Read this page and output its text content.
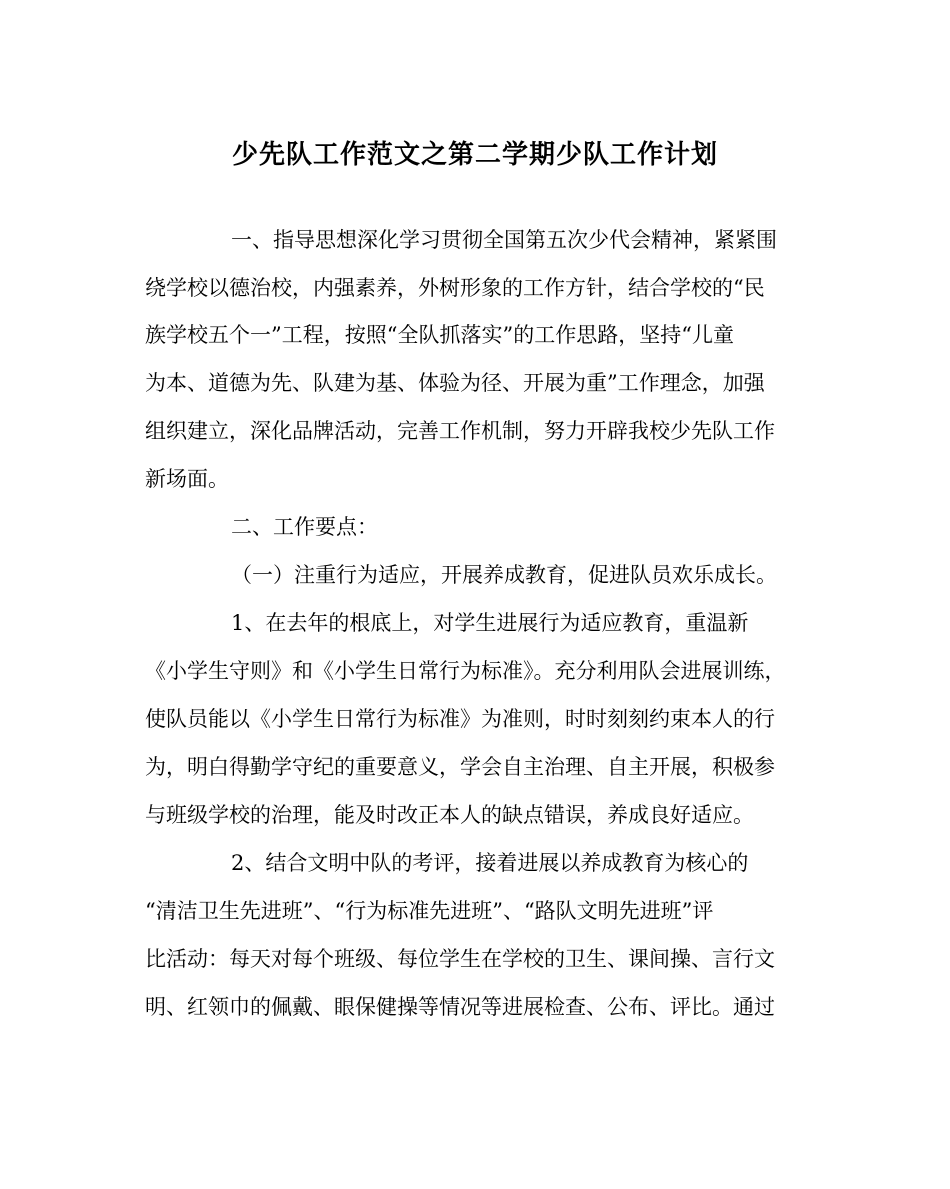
少先队工作范文之第二学期少队工作计划
一、指导思想深化学习贯彻全国第五次少代会精神，紧紧围
绕学校以德治校，内强素养，外树形象的工作方针，结合学校的“民
族学校五个一”工程，按照“全队抓落实”的工作思路，坚持“儿童
为本、道德为先、队建为基、体验为径、开展为重”工作理念，加强
组织建立，深化品牌活动，完善工作机制，努力开辟我校少先队工作
新场面。
二、工作要点：
（一）注重行为适应，开展养成教育，促进队员欢乐成长。
1、在去年的根底上，对学生进展行为适应教育，重温新
《小学生守则》和《小学生日常行为标准》。充分利用队会进展训练，
使队员能以《小学生日常行为标准》为准则，时时刻刻约束本人的行
为，明白得勤学守纪的重要意义，学会自主治理、自主开展，积极参
与班级学校的治理，能及时改正本人的缺点错误，养成良好适应。
2、结合文明中队的考评，接着进展以养成教育为核心的
“清洁卫生先进班”、“行为标准先进班”、“路队文明先进班”评
比活动：每天对每个班级、每位学生在学校的卫生、课间操、言行文
明、红领巾的佩戴、眼保健操等情况等进展检查、公布、评比。通过
